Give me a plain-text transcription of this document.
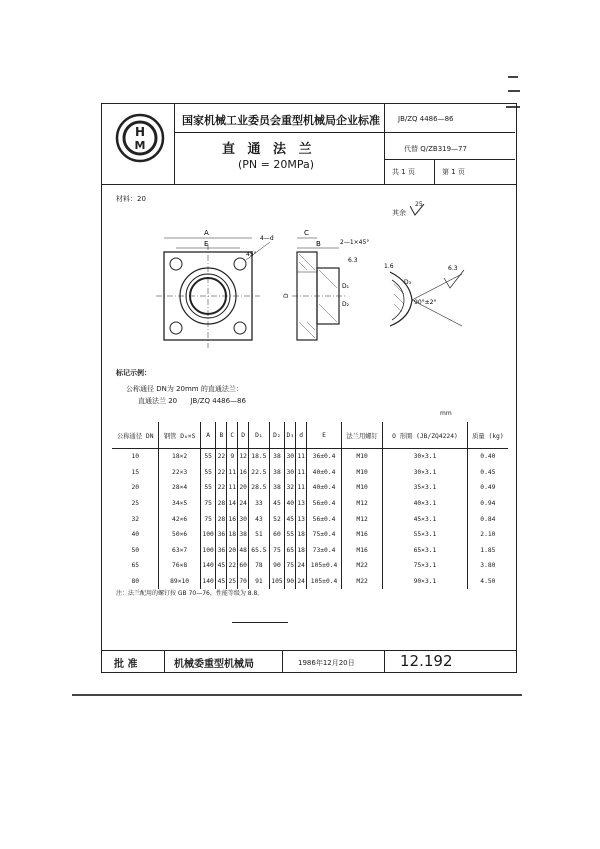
H
M
国家机械工业委员会重型机械局企业标准	JB/ZQ 4486—86
直 通 法 兰
(PN = 20MPa)
代替 Q/ZB319—77
共 1 页	第 1 页
材料：20
其余
25
A
E
4—d
45°
C
B	2—1×45°
D
D₁
D₂
6.3
D₃
90°±2°
6.3
1.6
标记示例：
公称通径 DN为 20mm 的直通法兰：
直通法兰 20      JB/ZQ 4486—86
mm
公称通径 DN	钢管 D₀×S	A	B	C	D	D₁	D₂	D₃	d	E	法兰用螺钉	O 形圈 (JB/ZQ4224)	质量 (kg)
10	18×2	55	22	9	12	18.5	38	30	11	36±0.4	M10	30×3.1	0.40
15	22×3	55	22	11	16	22.5	38	30	11	40±0.4	M10	30×3.1	0.45
20	28×4	55	22	11	20	28.5	38	32	11	40±0.4	M10	35×3.1	0.49
25	34×5	75	28	14	24	33	45	40	13	56±0.4	M12	40×3.1	0.94
32	42×6	75	28	16	30	43	52	45	13	56±0.4	M12	45×3.1	0.84
40	50×6	100	36	18	38	51	60	55	18	75±0.4	M16	55×3.1	2.10
50	63×7	100	36	20	48	65.5	75	65	18	73±0.4	M16	65×3.1	1.85
65	76×8	140	45	22	60	78	90	75	24	105±0.4	M22	75×3.1	3.80
80	89×10	140	45	25	70	91	105	90	24	105±0.4	M22	90×3.1	4.50
注：法兰配用的螺钉按 GB 70—76，性能等级为 8.8。
批 准	机械委重型机械局	1986年12月20日	12.192
